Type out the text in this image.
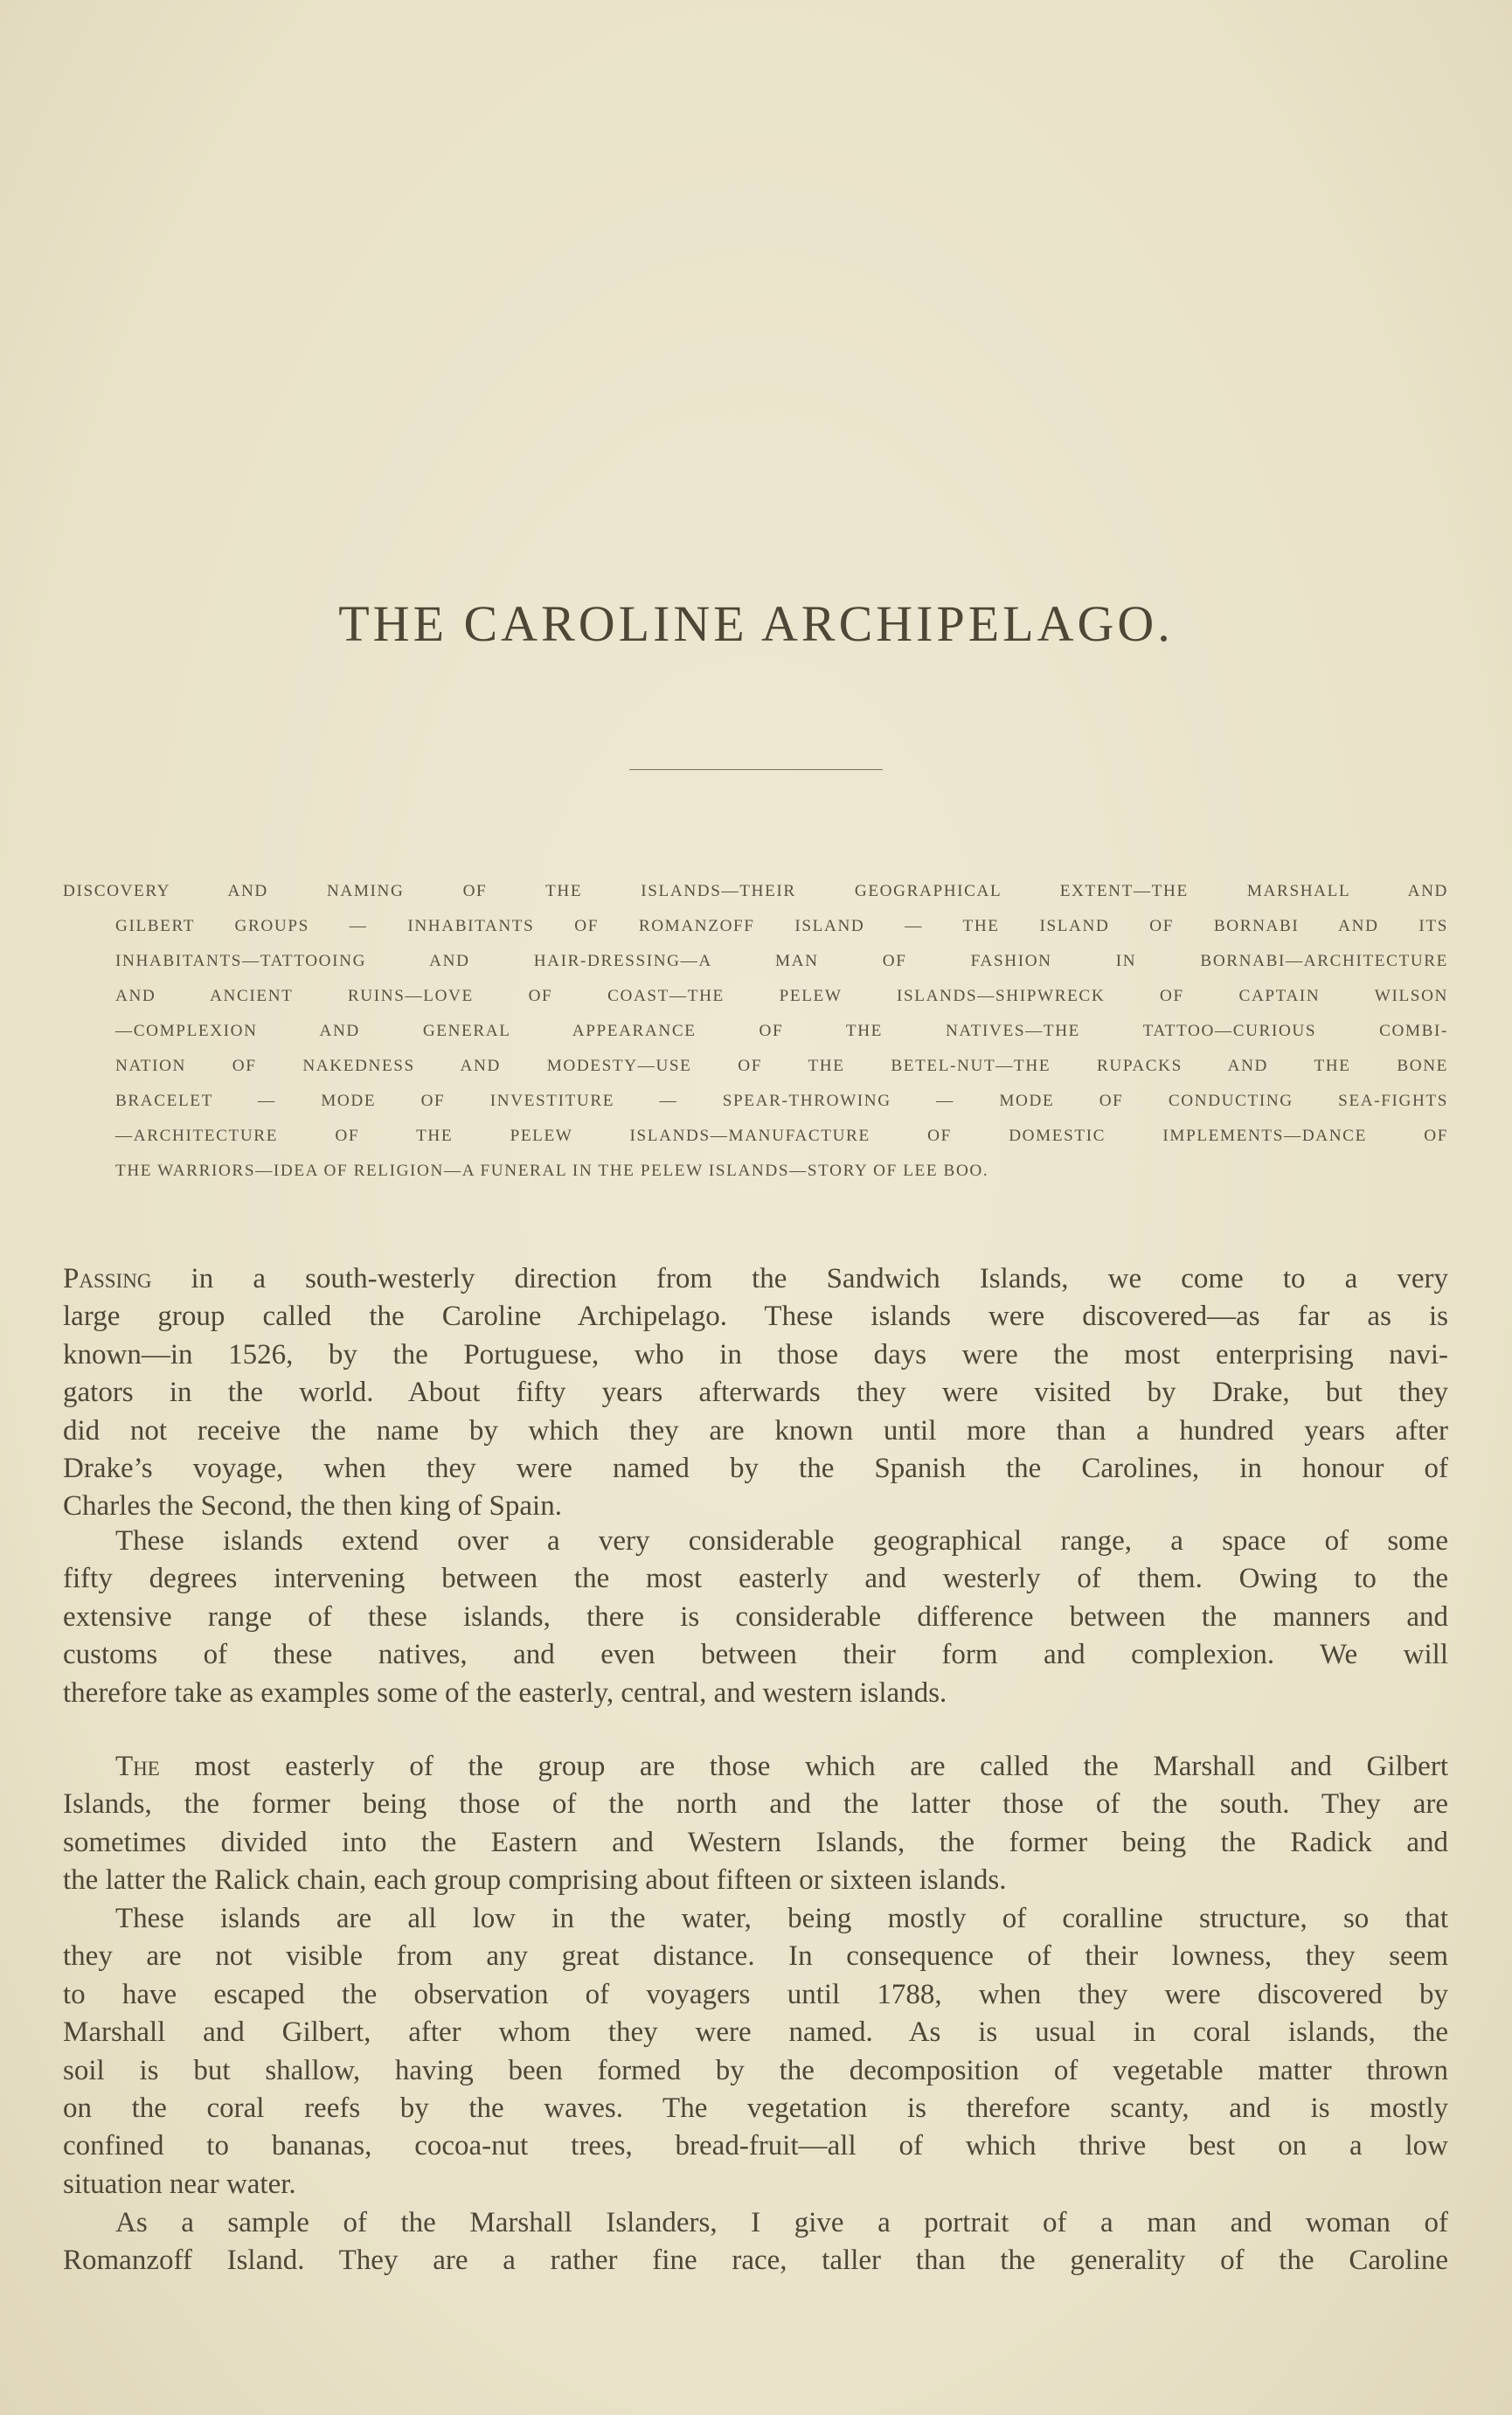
THE CAROLINE ARCHIPELAGO.
DISCOVERY AND NAMING OF THE ISLANDS—THEIR GEOGRAPHICAL EXTENT—THE MARSHALL AND
GILBERT GROUPS — INHABITANTS OF ROMANZOFF ISLAND — THE ISLAND OF BORNABI AND ITS
INHABITANTS—TATTOOING AND HAIR-DRESSING—A MAN OF FASHION IN BORNABI—ARCHITECTURE
AND ANCIENT RUINS—LOVE OF COAST—THE PELEW ISLANDS—SHIPWRECK OF CAPTAIN WILSON
—COMPLEXION AND GENERAL APPEARANCE OF THE NATIVES—THE TATTOO—CURIOUS COMBI-
NATION OF NAKEDNESS AND MODESTY—USE OF THE BETEL-NUT—THE RUPACKS AND THE BONE
BRACELET — MODE OF INVESTITURE — SPEAR-THROWING — MODE OF CONDUCTING SEA-FIGHTS
—ARCHITECTURE OF THE PELEW ISLANDS—MANUFACTURE OF DOMESTIC IMPLEMENTS—DANCE OF
THE WARRIORS—IDEA OF RELIGION—A FUNERAL IN THE PELEW ISLANDS—STORY OF LEE BOO.
Passing in a south-westerly direction from the Sandwich Islands, we come to a very
large group called the Caroline Archipelago. These islands were discovered—as far as is
known—in 1526, by the Portuguese, who in those days were the most enterprising navi-
gators in the world. About fifty years afterwards they were visited by Drake, but they
did not receive the name by which they are known until more than a hundred years after
Drake’s voyage, when they were named by the Spanish the Carolines, in honour of
Charles the Second, the then king of Spain.
These islands extend over a very considerable geographical range, a space of some
fifty degrees intervening between the most easterly and westerly of them. Owing to the
extensive range of these islands, there is considerable difference between the manners and
customs of these natives, and even between their form and complexion. We will
therefore take as examples some of the easterly, central, and western islands.
The most easterly of the group are those which are called the Marshall and Gilbert
Islands, the former being those of the north and the latter those of the south. They are
sometimes divided into the Eastern and Western Islands, the former being the Radick and
the latter the Ralick chain, each group comprising about fifteen or sixteen islands.
These islands are all low in the water, being mostly of coralline structure, so that
they are not visible from any great distance. In consequence of their lowness, they seem
to have escaped the observation of voyagers until 1788, when they were discovered by
Marshall and Gilbert, after whom they were named. As is usual in coral islands, the
soil is but shallow, having been formed by the decomposition of vegetable matter thrown
on the coral reefs by the waves. The vegetation is therefore scanty, and is mostly
confined to bananas, cocoa-nut trees, bread-fruit—all of which thrive best on a low
situation near water.
As a sample of the Marshall Islanders, I give a portrait of a man and woman of
Romanzoff Island. They are a rather fine race, taller than the generality of the Caroline
